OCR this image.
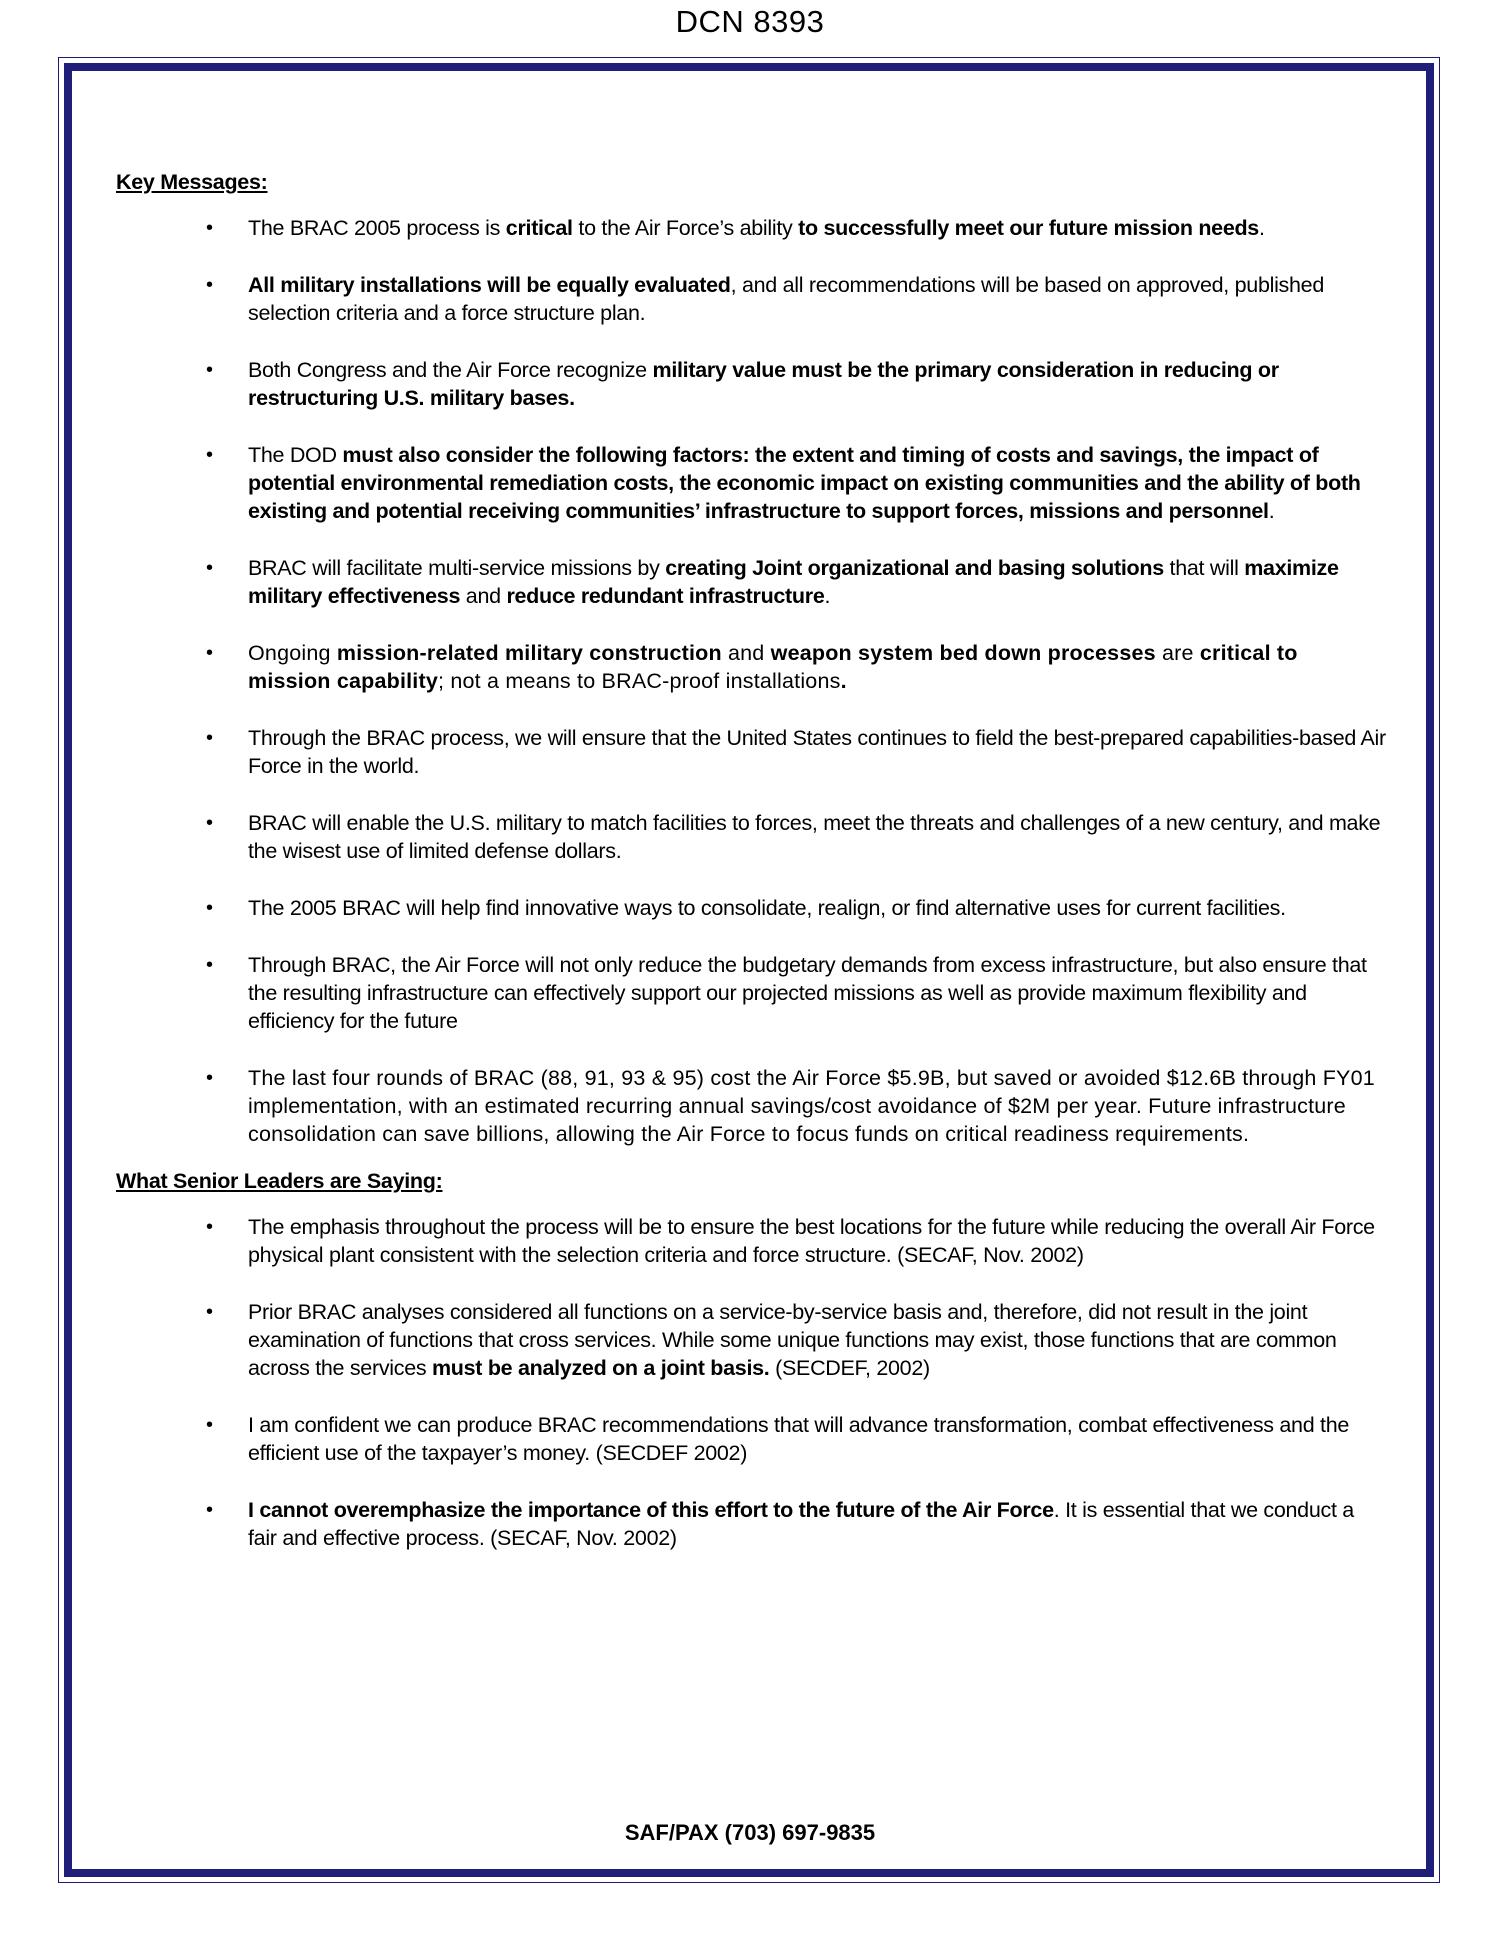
DCN 8393
Key Messages:
• The BRAC 2005 process is critical to the Air Force’s ability to successfully meet our future mission needs.
• All military installations will be equally evaluated, and all recommendations will be based on approved, published selection criteria and a force structure plan.
• Both Congress and the Air Force recognize military value must be the primary consideration in reducing or restructuring U.S. military bases.
• The DOD must also consider the following factors: the extent and timing of costs and savings, the impact of potential environmental remediation costs, the economic impact on existing communities and the ability of both existing and potential receiving communities’ infrastructure to support forces, missions and personnel.
• BRAC will facilitate multi-service missions by creating Joint organizational and basing solutions that will maximize military effectiveness and reduce redundant infrastructure.
• Ongoing mission-related military construction and weapon system bed down processes are critical to mission capability; not a means to BRAC-proof installations.
• Through the BRAC process, we will ensure that the United States continues to field the best-prepared capabilities-based Air Force in the world.
• BRAC will enable the U.S. military to match facilities to forces, meet the threats and challenges of a new century, and make the wisest use of limited defense dollars.
• The 2005 BRAC will help find innovative ways to consolidate, realign, or find alternative uses for current facilities.
• Through BRAC, the Air Force will not only reduce the budgetary demands from excess infrastructure, but also ensure that the resulting infrastructure can effectively support our projected missions as well as provide maximum flexibility and efficiency for the future
• The last four rounds of BRAC (88, 91, 93 & 95) cost the Air Force $5.9B, but saved or avoided $12.6B through FY01 implementation, with an estimated recurring annual savings/cost avoidance of $2M per year. Future infrastructure consolidation can save billions, allowing the Air Force to focus funds on critical readiness requirements.
What Senior Leaders are Saying:
• The emphasis throughout the process will be to ensure the best locations for the future while reducing the overall Air Force physical plant consistent with the selection criteria and force structure. (SECAF, Nov. 2002)
• Prior BRAC analyses considered all functions on a service-by-service basis and, therefore, did not result in the joint examination of functions that cross services. While some unique functions may exist, those functions that are common across the services must be analyzed on a joint basis. (SECDEF, 2002)
• I am confident we can produce BRAC recommendations that will advance transformation, combat effectiveness and the efficient use of the taxpayer’s money. (SECDEF 2002)
• I cannot overemphasize the importance of this effort to the future of the Air Force. It is essential that we conduct a fair and effective process. (SECAF, Nov. 2002)
SAF/PAX (703) 697-9835
